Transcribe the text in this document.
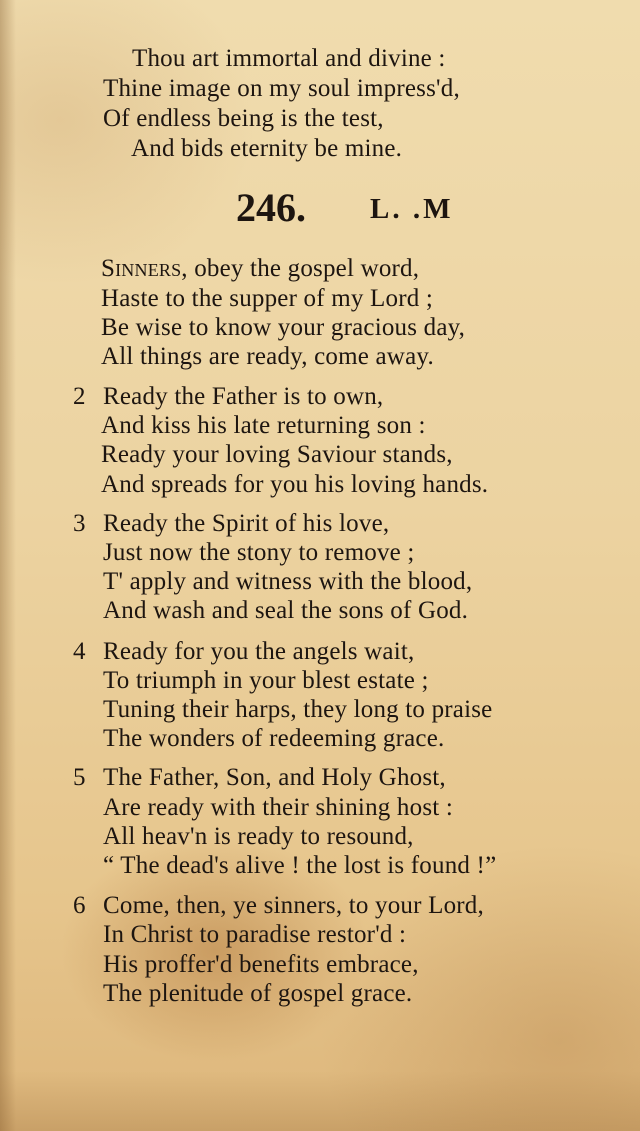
Thou art immortal and divine :
Thine image on my soul impress'd,
Of endless being is the test,
And bids eternity be mine.
246. L. .M
Sinners, obey the gospel word,
Haste to the supper of my Lord ;
Be wise to know your gracious day,
All things are ready, come away.
2 Ready the Father is to own,
And kiss his late returning son :
Ready your loving Saviour stands,
And spreads for you his loving hands.
3 Ready the Spirit of his love,
Just now the stony to remove ;
T' apply and witness with the blood,
And wash and seal the sons of God.
4 Ready for you the angels wait,
To triumph in your blest estate ;
Tuning their harps, they long to praise
The wonders of redeeming grace.
5 The Father, Son, and Holy Ghost,
Are ready with their shining host :
All heav'n is ready to resound,
“ The dead's alive ! the lost is found !”
6 Come, then, ye sinners, to your Lord,
In Christ to paradise restor'd :
His proffer'd benefits embrace,
The plenitude of gospel grace.
